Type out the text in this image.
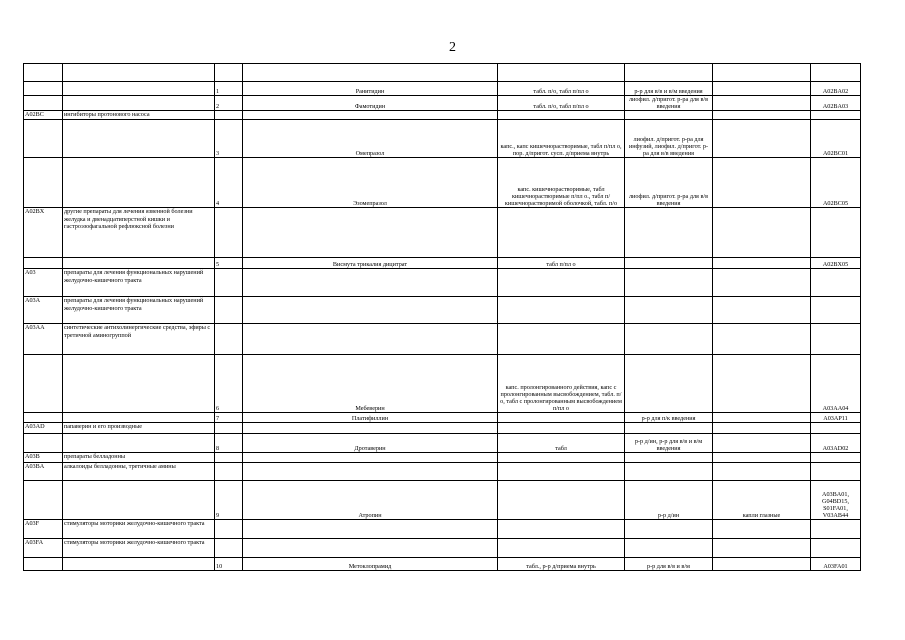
2

		1	Ранитидин	табл. п/о, табл п/пл о	р-р для в/в и в/м введения		A02BA02
		2	Фамотидин	табл. п/о, табл п/пл о	лиофил. д/пригот. р-ра для в/в введения		A02BA03
A02BC	ингибиторы протонового насоса						
		3	Омепразол	капс., капс кишечнорастворимые, табл п/пл о, пор. д/пригот. сусп. д/приема внутрь	лиофил. д/пригот. р-ра для инфузий, лиофил. д/пригот. р-ра для в/в введения		A02BC01
		4	Эзомепразол	капс. кишечнорастворимые, табл кишечнорастворимые п/пл о., табл п/кишечнорастворимой оболочкой, табл. п/о	лиофил. д/пригот. р-ра для в/в введения		A02BC05
A02BX	другие препараты для лечения язвенной болезни желудка и двенадцатиперстной кишки и гастроэзофагальной рефлюксной болезни						
		5	Висмута трикалия дицитрат	табл п/пл о			A02BX05
A03	препараты для лечения функциональных нарушений желудочно-кишечного тракта						
A03A	препараты для лечения функциональных нарушений желудочно-кишечного тракта						
A03AA	синтетические антихолинергические средства, эфиры с третичной аминогруппой						
		6	Мебеверин	капс. пролонгированного действия, капс с пролонгированным высвобождением, табл. п/о, табл с пролонгированным высвобождением п/пл о			A03AA04
		7	Платифиллин		р-р для п/к введения		A03AP11
A03AD	папаверин и его производные						
		8	Дротаверин	табл	р-р д/ин, р-р для в/в и в/м введения		A03AD02
A03B	препараты белладонны						
A03BA	алкалоиды белладонны, третичные амины						
		9	Атропин		р-р д/ин	капли глазные	A03BA01, G04BD15, S01FA01, V03AB44
A03F	стимуляторы моторики желудочно-кишечного тракта						
A03FA	стимуляторы моторики желудочно-кишечного тракта						
		10	Метоклопрамид	табл., р-р д/приема внутрь	р-р для в/в и в/м		A03FA01
